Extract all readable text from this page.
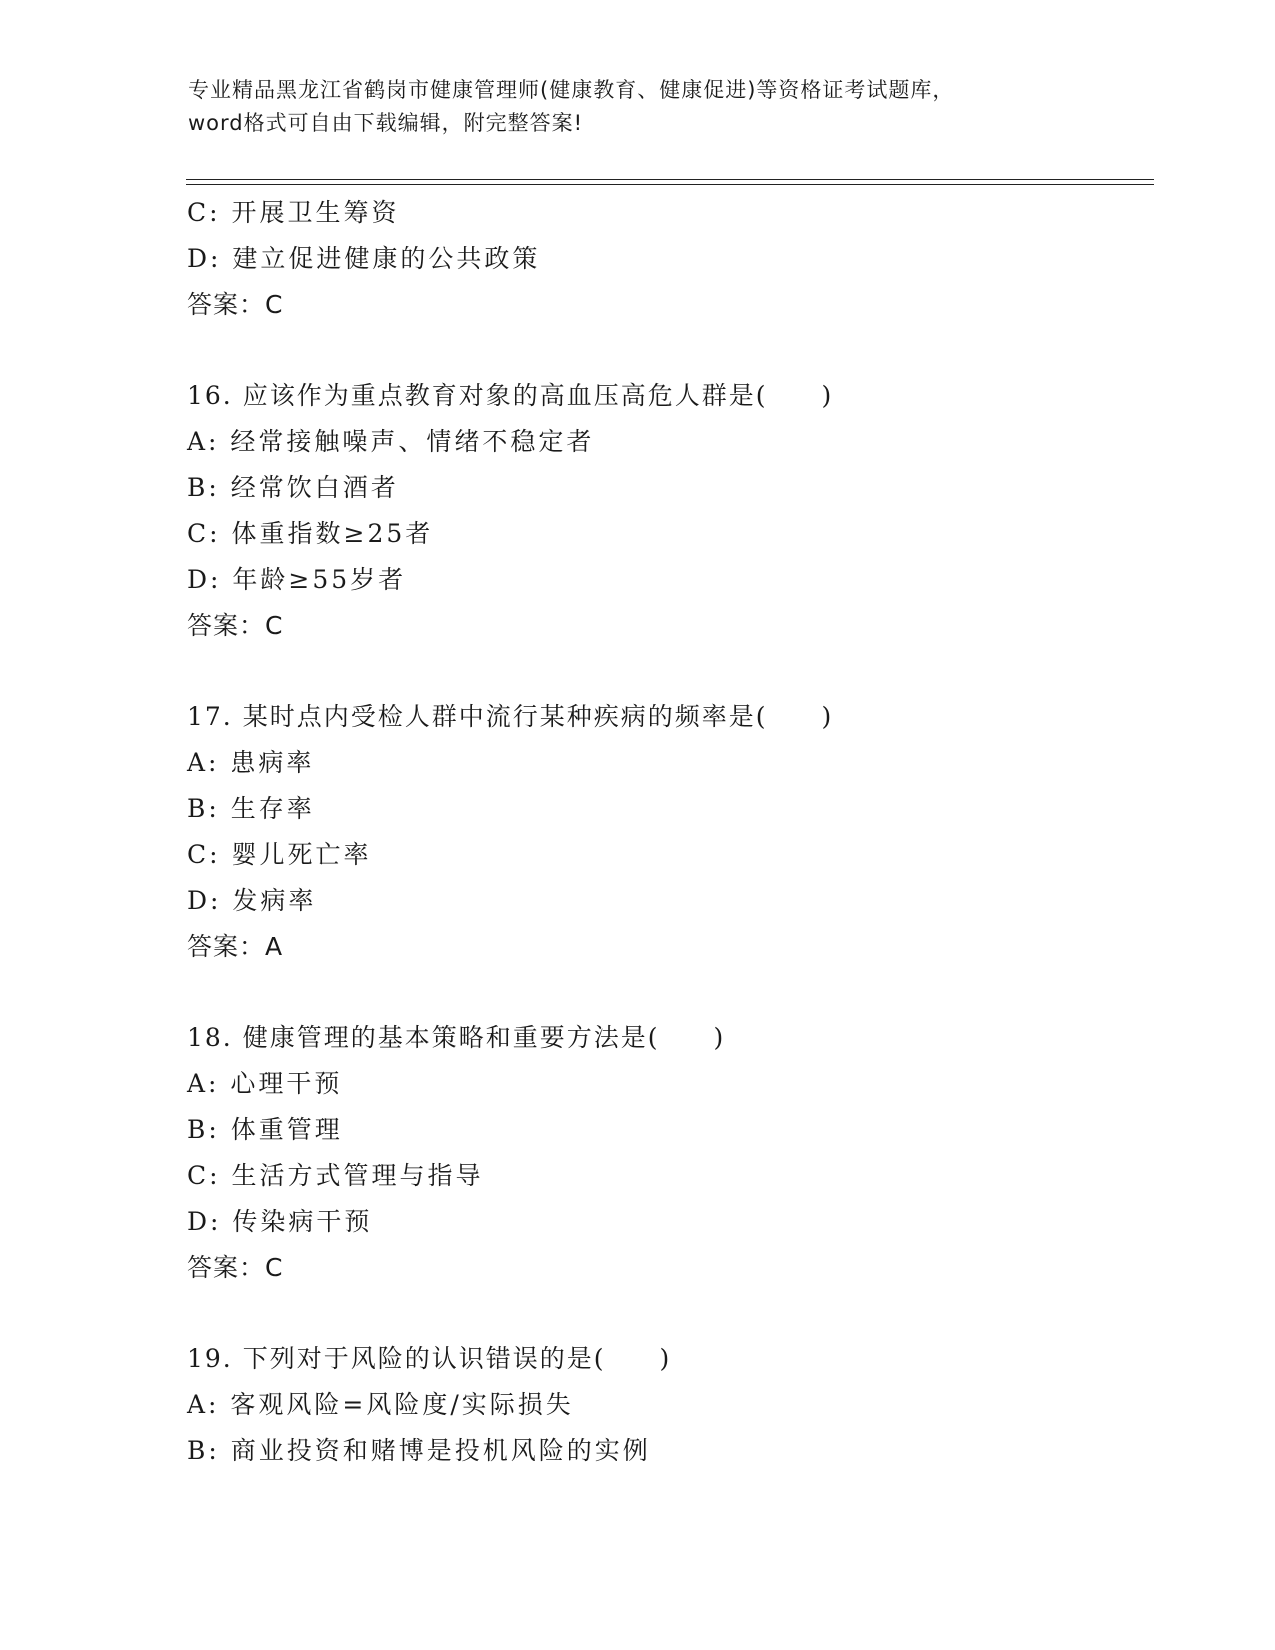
专业精品黑龙江省鹤岗市健康管理师(健康教育、健康促进)等资格证考试题库，
word格式可自由下载编辑，附完整答案!
C: 开展卫生筹资
D: 建立促进健康的公共政策
答案：C
16. 应该作为重点教育对象的高血压高危人群是(　　)
A: 经常接触噪声、情绪不稳定者
B: 经常饮白酒者
C: 体重指数≥25者
D: 年龄≥55岁者
答案：C
17. 某时点内受检人群中流行某种疾病的频率是(　　)
A: 患病率
B: 生存率
C: 婴儿死亡率
D: 发病率
答案：A
18. 健康管理的基本策略和重要方法是(　　)
A: 心理干预
B: 体重管理
C: 生活方式管理与指导
D: 传染病干预
答案：C
19. 下列对于风险的认识错误的是(　　)
A: 客观风险=风险度/实际损失
B: 商业投资和赌博是投机风险的实例
